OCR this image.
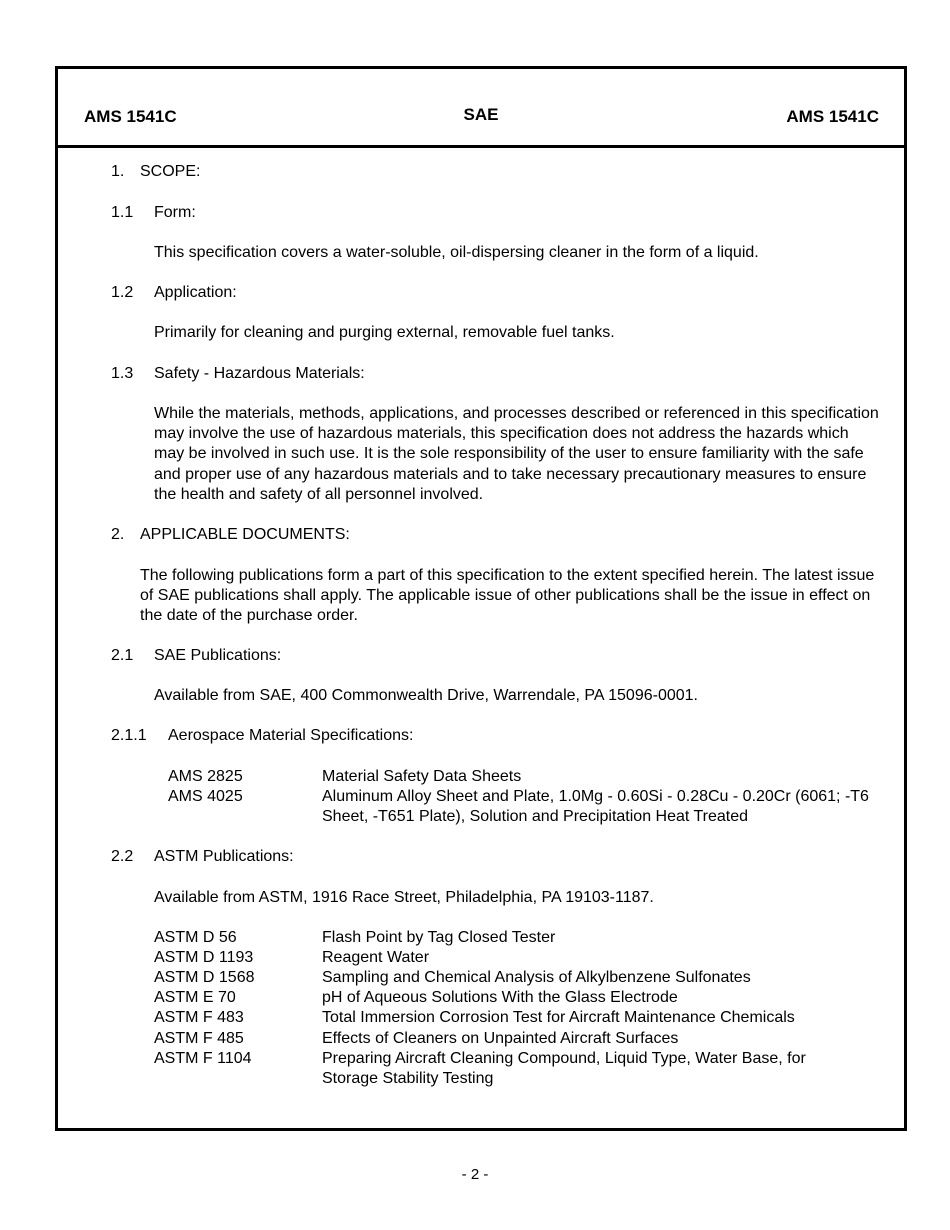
AMS 1541C	SAE	AMS 1541C
1. SCOPE:
1.1 Form:
This specification covers a water-soluble, oil-dispersing cleaner in the form of a liquid.
1.2 Application:
Primarily for cleaning and purging external, removable fuel tanks.
1.3 Safety - Hazardous Materials:
While the materials, methods, applications, and processes described or referenced in this specification may involve the use of hazardous materials, this specification does not address the hazards which may be involved in such use. It is the sole responsibility of the user to ensure familiarity with the safe and proper use of any hazardous materials and to take necessary precautionary measures to ensure the health and safety of all personnel involved.
2. APPLICABLE DOCUMENTS:
The following publications form a part of this specification to the extent specified herein. The latest issue of SAE publications shall apply. The applicable issue of other publications shall be the issue in effect on the date of the purchase order.
2.1 SAE Publications:
Available from SAE, 400 Commonwealth Drive, Warrendale, PA 15096-0001.
2.1.1 Aerospace Material Specifications:
AMS 2825	Material Safety Data Sheets
AMS 4025	Aluminum Alloy Sheet and Plate, 1.0Mg - 0.60Si - 0.28Cu - 0.20Cr (6061; -T6 Sheet, -T651 Plate), Solution and Precipitation Heat Treated
2.2 ASTM Publications:
Available from ASTM, 1916 Race Street, Philadelphia, PA 19103-1187.
ASTM D 56	Flash Point by Tag Closed Tester
ASTM D 1193	Reagent Water
ASTM D 1568	Sampling and Chemical Analysis of Alkylbenzene Sulfonates
ASTM E 70	pH of Aqueous Solutions With the Glass Electrode
ASTM F 483	Total Immersion Corrosion Test for Aircraft Maintenance Chemicals
ASTM F 485	Effects of Cleaners on Unpainted Aircraft Surfaces
ASTM F 1104	Preparing Aircraft Cleaning Compound, Liquid Type, Water Base, for Storage Stability Testing
- 2 -
